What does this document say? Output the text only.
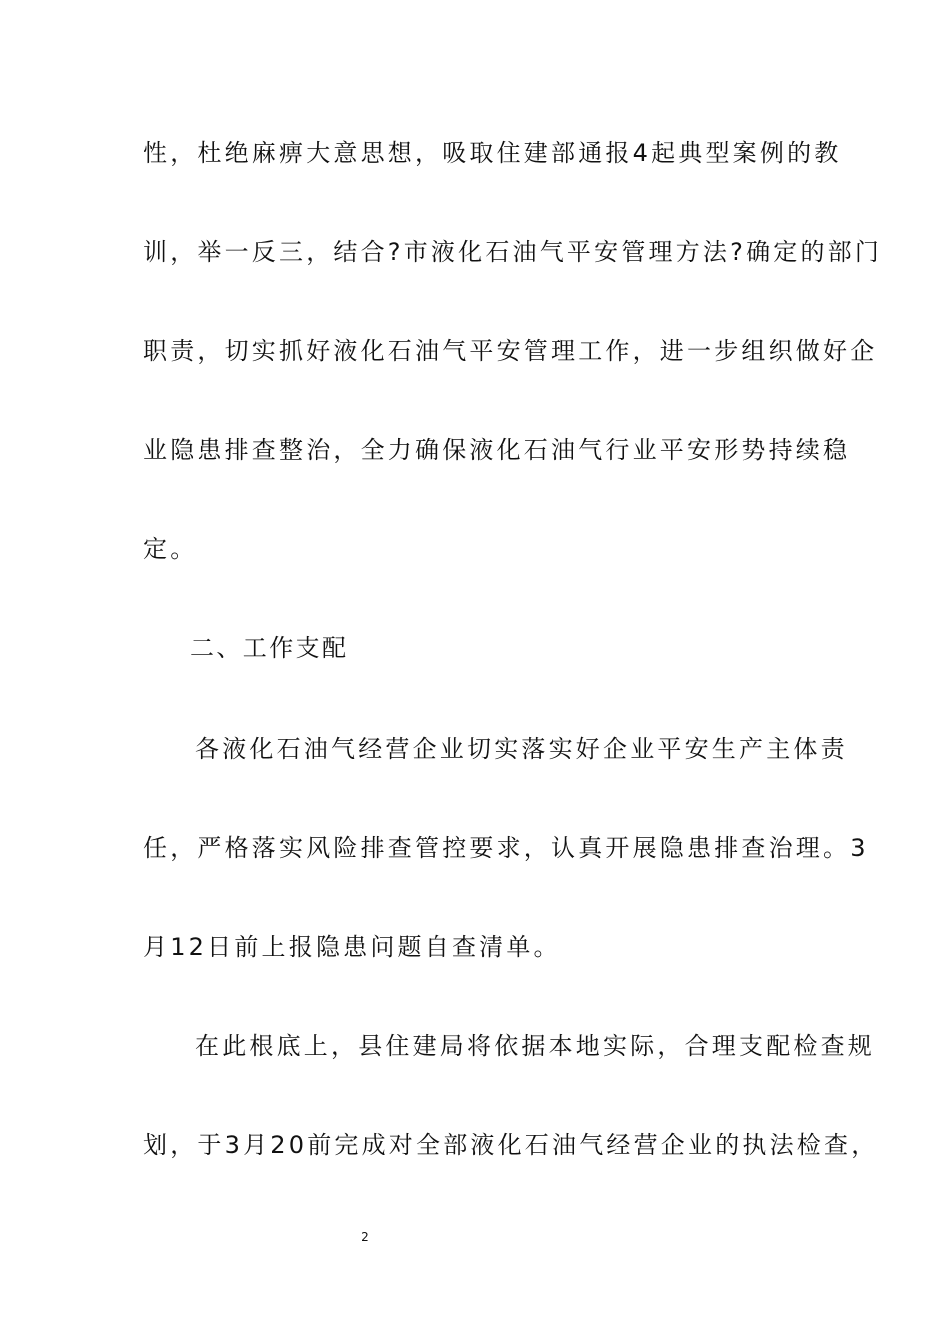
性，杜绝麻痹大意思想，吸取住建部通报4起典型案例的教
训，举一反三，结合?市液化石油气平安管理方法?确定的部门
职责，切实抓好液化石油气平安管理工作，进一步组织做好企
业隐患排查整治，全力确保液化石油气行业平安形势持续稳
定。
二、工作支配
各液化石油气经营企业切实落实好企业平安生产主体责
任，严格落实风险排查管控要求，认真开展隐患排查治理。3
月12日前上报隐患问题自查清单。
在此根底上，县住建局将依据本地实际，合理支配检查规
划，于3月20前完成对全部液化石油气经营企业的执法检查，
2
